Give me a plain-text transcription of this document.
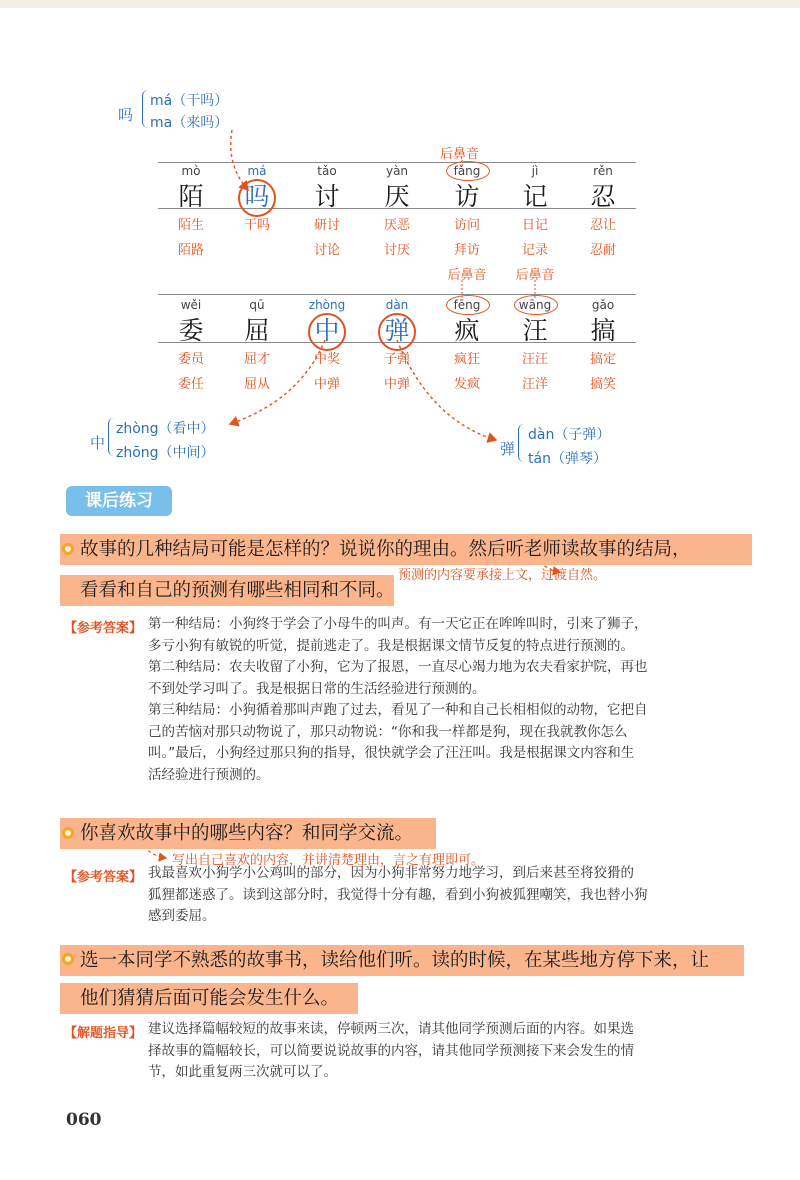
吗
má（干吗）
ma（来吗）
后鼻音
mò
陌
陌生
陌路
má
吗
干吗
tǎo
讨
研讨
讨论
yàn
厌
厌恶
讨厌
fǎng
访
访问
拜访
后鼻音
jì
记
日记
记录
后鼻音
rěn
忍
忍让
忍耐
wěi
委
委员
委任
qū
屈
屈才
屈从
zhòng
中
中奖
中弹
dàn
弹
子弹
中弹
fēng
疯
疯狂
发疯
wāng
汪
汪汪
汪洋
gǎo
搞
搞定
搞笑
中
zhòng（看中）
zhōng（中间）	弹
dàn（子弹）
tán（弹琴）
课后练习
故事的几种结局可能是怎样的？说说你的理由。然后听老师读故事的结局，
看看和自己的预测有哪些相同和不同。
预测的内容要承接上文，过渡自然。
【参考答案】 第一种结局：小狗终于学会了小母牛的叫声。有一天它正在哞哞叫时，引来了狮子，
多亏小狗有敏锐的听觉，提前逃走了。我是根据课文情节反复的特点进行预测的。
第二种结局：农夫收留了小狗，它为了报恩，一直尽心竭力地为农夫看家护院，再也
不到处学习叫了。我是根据日常的生活经验进行预测的。
第三种结局：小狗循着那叫声跑了过去，看见了一种和自己长相相似的动物，它把自
己的苦恼对那只动物说了，那只动物说：“你和我一样都是狗，现在我就教你怎么
叫。”最后，小狗经过那只狗的指导，很快就学会了汪汪叫。我是根据课文内容和生
活经验进行预测的。
你喜欢故事中的哪些内容？和同学交流。
写出自己喜欢的内容，并讲清楚理由，言之有理即可。
【参考答案】 我最喜欢小狗学小公鸡叫的部分，因为小狗非常努力地学习，到后来甚至将狡猾的
狐狸都迷惑了。读到这部分时，我觉得十分有趣，看到小狗被狐狸嘲笑，我也替小狗
感到委屈。
选一本同学不熟悉的故事书，读给他们听。读的时候，在某些地方停下来，让
他们猜猜后面可能会发生什么。
【解题指导】 建议选择篇幅较短的故事来读，停顿两三次，请其他同学预测后面的内容。如果选
择故事的篇幅较长，可以简要说说故事的内容，请其他同学预测接下来会发生的情
节，如此重复两三次就可以了。
060
